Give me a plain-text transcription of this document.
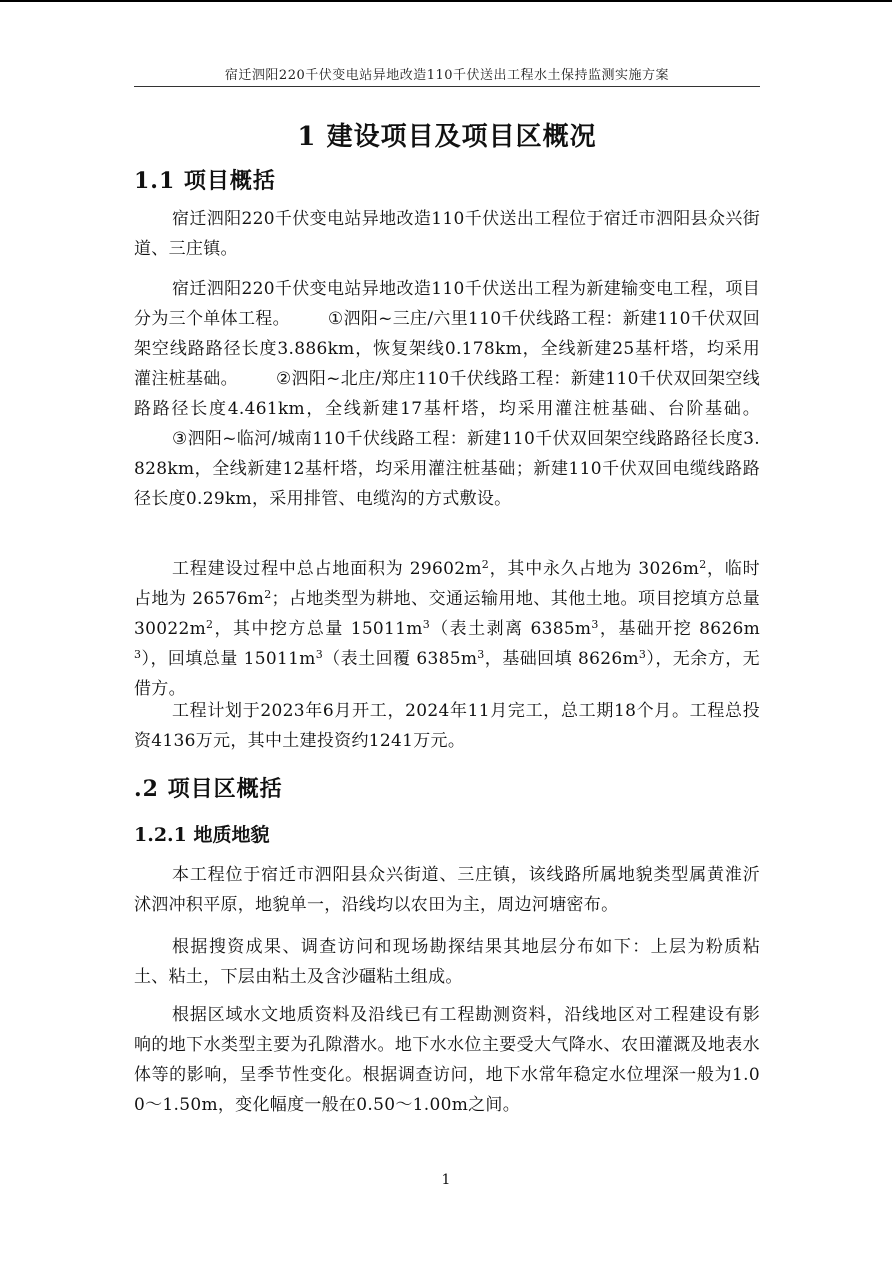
宿迁泗阳220千伏变电站异地改造110千伏送出工程水土保持监测实施方案
1 建设项目及项目区概况
1.1 项目概括
宿迁泗阳220千伏变电站异地改造110千伏送出工程位于宿迁市泗阳县众兴街道、三庄镇。
宿迁泗阳220千伏变电站异地改造110千伏送出工程为新建输变电工程，项目分为三个单体工程。 ①泗阳~三庄/六里110千伏线路工程：新建110千伏双回架空线路路径长度3.886km，恢复架线0.178km，全线新建25基杆塔，均采用灌注桩基础。 ②泗阳~北庄/郑庄110千伏线路工程：新建110千伏双回架空线路路径长度4.461km，全线新建17基杆塔，均采用灌注桩基础、台阶基础。③泗阳~临河/城南110千伏线路工程：新建110千伏双回架空线路路径长度3.828km，全线新建12基杆塔，均采用灌注桩基础；新建110千伏双回电缆线路路径长度0.29km，采用排管、电缆沟的方式敷设。
工程建设过程中总占地面积为 $29602m^2$，其中永久占地为 $3026m^2$，临时占地为 $26576m^2$；占地类型为耕地、交通运输用地、其他土地。项目挖填方总量 $30022m^2$，其中挖方总量 $15011m^3$（表土剥离 $6385m^3$，基础开挖 $8626m^3$），回填总量 $15011m^3$（表土回覆 $6385m^3$，基础回填 $8626m^3$），无余方，无借方。
工程计划于2023年6月开工，2024年11月完工，总工期18个月。工程总投资4136万元，其中土建投资约1241万元。
.2 项目区概括
1.2.1 地质地貌
本工程位于宿迁市泗阳县众兴街道、三庄镇，该线路所属地貌类型属黄淮沂沭泗冲积平原，地貌单一，沿线均以农田为主，周边河塘密布。
根据搜资成果、调查访问和现场勘探结果其地层分布如下：上层为粉质粘土、粘土，下层由粘土及含沙礓粘土组成。
根据区域水文地质资料及沿线已有工程勘测资料，沿线地区对工程建设有影响的地下水类型主要为孔隙潜水。地下水水位主要受大气降水、农田灌溉及地表水体等的影响，呈季节性变化。根据调查访问，地下水常年稳定水位埋深一般为1.00～1.50m，变化幅度一般在0.50～1.00m之间。
1
